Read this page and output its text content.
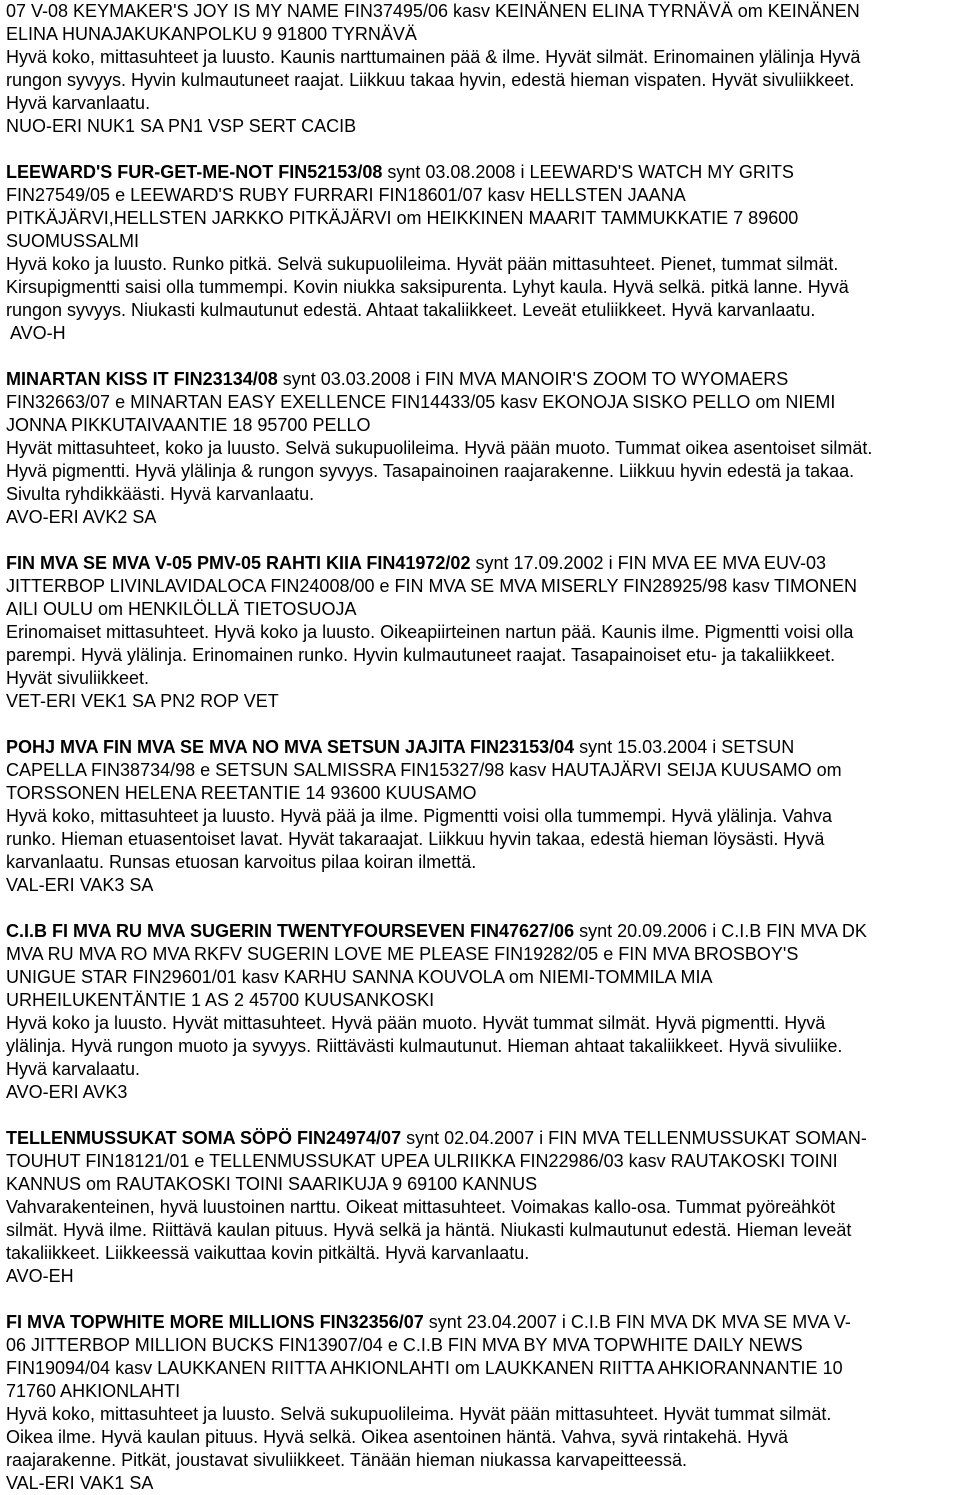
07 V-08 KEYMAKER'S JOY IS MY NAME FIN37495/06 kasv KEINÄNEN ELINA TYRNÄVÄ om KEINÄNEN
ELINA HUNAJAKUKANPOLKU 9 91800 TYRNÄVÄ
Hyvä koko, mittasuhteet ja luusto. Kaunis narttumainen pää & ilme. Hyvät silmät. Erinomainen ylälinja Hyvä
rungon syvyys. Hyvin kulmautuneet raajat. Liikkuu takaa hyvin, edestä hieman vispaten. Hyvät sivuliikkeet.
Hyvä karvanlaatu.
NUO-ERI NUK1 SA PN1 VSP SERT CACIB
LEEWARD'S FUR-GET-ME-NOT FIN52153/08 synt 03.08.2008 i LEEWARD'S WATCH MY GRITS
FIN27549/05 e LEEWARD'S RUBY FURRARI FIN18601/07 kasv HELLSTEN JAANA
PITKÄJÄRVI,HELLSTEN JARKKO PITKÄJÄRVI om HEIKKINEN MAARIT TAMMUKKATIE 7 89600
SUOMUSSALMI
Hyvä koko ja luusto. Runko pitkä. Selvä sukupuolileima. Hyvät pään mittasuhteet. Pienet, tummat silmät.
Kirsupigmentti saisi olla tummempi. Kovin niukka saksipurenta. Lyhyt kaula. Hyvä selkä. pitkä lanne. Hyvä
rungon syvyys. Niukasti kulmautunut edestä. Ahtaat takaliikkeet. Leveät etuliikkeet. Hyvä karvanlaatu.
AVO-H
MINARTAN KISS IT FIN23134/08 synt 03.03.2008 i FIN MVA MANOIR'S ZOOM TO WYOMAERS
FIN32663/07 e MINARTAN EASY EXELLENCE FIN14433/05 kasv EKONOJA SISKO PELLO om NIEMI
JONNA PIKKUTAIVAANTIE 18 95700 PELLO
Hyvät mittasuhteet, koko ja luusto. Selvä sukupuolileima. Hyvä pään muoto. Tummat oikea asentoiset silmät.
Hyvä pigmentti. Hyvä ylälinja & rungon syvyys. Tasapainoinen raajarakenne. Liikkuu hyvin edestä ja takaa.
Sivulta ryhdikkäästi. Hyvä karvanlaatu.
AVO-ERI AVK2 SA
FIN MVA SE MVA V-05 PMV-05 RAHTI KIIA FIN41972/02 synt 17.09.2002 i FIN MVA EE MVA EUV-03
JITTERBOP LIVINLAVIDALOCA FIN24008/00 e FIN MVA SE MVA MISERLY FIN28925/98 kasv TIMONEN
AILI OULU om HENKILÖLLÄ TIETOSUOJA
Erinomaiset mittasuhteet. Hyvä koko ja luusto. Oikeapiirteinen nartun pää. Kaunis ilme. Pigmentti voisi olla
parempi. Hyvä ylälinja. Erinomainen runko. Hyvin kulmautuneet raajat. Tasapainoiset etu- ja takaliikkeet.
Hyvät sivuliikkeet.
VET-ERI VEK1 SA PN2 ROP VET
POHJ MVA FIN MVA SE MVA NO MVA SETSUN JAJITA FIN23153/04 synt 15.03.2004 i SETSUN
CAPELLA FIN38734/98 e SETSUN SALMISSRA FIN15327/98 kasv HAUTAJÄRVI SEIJA KUUSAMO om
TORSSONEN HELENA REETANTIE 14 93600 KUUSAMO
Hyvä koko, mittasuhteet ja luusto. Hyvä pää ja ilme. Pigmentti voisi olla tummempi. Hyvä ylälinja. Vahva
runko. Hieman etuasentoiset lavat. Hyvät takaraajat. Liikkuu hyvin takaa, edestä hieman löysästi. Hyvä
karvanlaatu. Runsas etuosan karvoitus pilaa koiran ilmettä.
VAL-ERI VAK3 SA
C.I.B FI MVA RU MVA SUGERIN TWENTYFOURSEVEN FIN47627/06 synt 20.09.2006 i C.I.B FIN MVA DK
MVA RU MVA RO MVA RKFV SUGERIN LOVE ME PLEASE FIN19282/05 e FIN MVA BROSBOY'S
UNIGUE STAR FIN29601/01 kasv KARHU SANNA KOUVOLA om NIEMI-TOMMILA MIA
URHEILUKENTÄNTIE 1 AS 2 45700 KUUSANKOSKI
Hyvä koko ja luusto. Hyvät mittasuhteet. Hyvä pään muoto. Hyvät tummat silmät. Hyvä pigmentti. Hyvä
ylälinja. Hyvä rungon muoto ja syvyys. Riittävästi kulmautunut. Hieman ahtaat takaliikkeet. Hyvä sivuliike.
Hyvä karvalaatu.
AVO-ERI AVK3
TELLENMUSSUKAT SOMA SÖPÖ FIN24974/07 synt 02.04.2007 i FIN MVA TELLENMUSSUKAT SOMAN-
TOUHUT FIN18121/01 e TELLENMUSSUKAT UPEA ULRIIKKA FIN22986/03 kasv RAUTAKOSKI TOINI
KANNUS om RAUTAKOSKI TOINI SAARIKUJA 9 69100 KANNUS
Vahvarakenteinen, hyvä luustoinen narttu. Oikeat mittasuhteet. Voimakas kallo-osa. Tummat pyöreähköt
silmät. Hyvä ilme. Riittävä kaulan pituus. Hyvä selkä ja häntä. Niukasti kulmautunut edestä. Hieman leveät
takaliikkeet. Liikkeessä vaikuttaa kovin pitkältä. Hyvä karvanlaatu.
AVO-EH
FI MVA TOPWHITE MORE MILLIONS FIN32356/07 synt 23.04.2007 i C.I.B FIN MVA DK MVA SE MVA V-
06 JITTERBOP MILLION BUCKS FIN13907/04 e C.I.B FIN MVA BY MVA TOPWHITE DAILY NEWS
FIN19094/04 kasv LAUKKANEN RIITTA AHKIONLAHTI om LAUKKANEN RIITTA AHKIORANNANTIE 10
71760 AHKIONLAHTI
Hyvä koko, mittasuhteet ja luusto. Selvä sukupuolileima. Hyvät pään mittasuhteet. Hyvät tummat silmät.
Oikea ilme. Hyvä kaulan pituus. Hyvä selkä. Oikea asentoinen häntä. Vahva, syvä rintakehä. Hyvä
raajarakenne. Pitkät, joustavat sivuliikkeet. Tänään hieman niukassa karvapeitteessä.
VAL-ERI VAK1 SA
